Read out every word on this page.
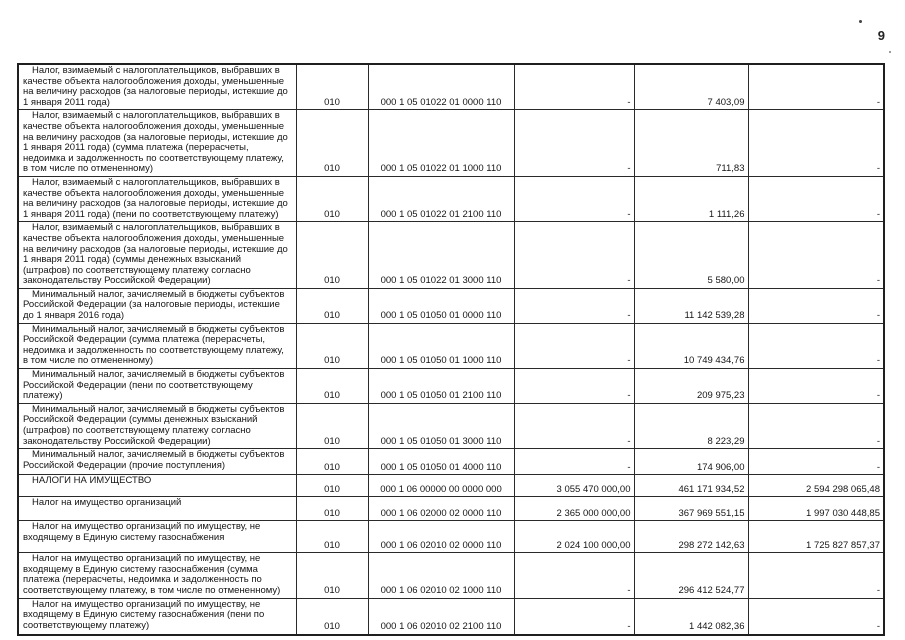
9
Налог, взимаемый с налогоплательщиков, выбравших в качестве объекта налогообложения доходы, уменьшенные на величину расходов (за налоговые периоды, истекшие до 1 января 2011 года)	010	000 1 05 01022 01 0000 110	-	7 403,09	-
Налог, взимаемый с налогоплательщиков, выбравших в качестве объекта налогообложения доходы, уменьшенные на величину расходов (за налоговые периоды, истекшие до 1 января 2011 года) (сумма платежа (перерасчеты, недоимка и задолженность по соответствующему платежу, в том числе по отмененному)	010	000 1 05 01022 01 1000 110	-	711,83	-
Налог, взимаемый с налогоплательщиков, выбравших в качестве объекта налогообложения доходы, уменьшенные на величину расходов (за налоговые периоды, истекшие до 1 января 2011 года) (пени по соответствующему платежу)	010	000 1 05 01022 01 2100 110	-	1 111,26	-
Налог, взимаемый с налогоплательщиков, выбравших в качестве объекта налогообложения доходы, уменьшенные на величину расходов (за налоговые периоды, истекшие до 1 января 2011 года) (суммы денежных взысканий (штрафов) по соответствующему платежу согласно законодательству Российской Федерации)	010	000 1 05 01022 01 3000 110	-	5 580,00	-
Минимальный налог, зачисляемый в бюджеты субъектов Российской Федерации (за налоговые периоды, истекшие до 1 января 2016 года)	010	000 1 05 01050 01 0000 110	-	11 142 539,28	-
Минимальный налог, зачисляемый в бюджеты субъектов Российской Федерации (сумма платежа (перерасчеты, недоимка и задолженность по соответствующему платежу, в том числе по отмененному)	010	000 1 05 01050 01 1000 110	-	10 749 434,76	-
Минимальный налог, зачисляемый в бюджеты субъектов Российской Федерации (пени по соответствующему платежу)	010	000 1 05 01050 01 2100 110	-	209 975,23	-
Минимальный налог, зачисляемый в бюджеты субъектов Российской Федерации (суммы денежных взысканий (штрафов) по соответствующему платежу согласно законодательству Российской Федерации)	010	000 1 05 01050 01 3000 110	-	8 223,29	-
Минимальный налог, зачисляемый в бюджеты субъектов Российской Федерации (прочие поступления)	010	000 1 05 01050 01 4000 110	-	174 906,00	-
НАЛОГИ НА ИМУЩЕСТВО	010	000 1 06 00000 00 0000 000	3 055 470 000,00	461 171 934,52	2 594 298 065,48
Налог на имущество организаций	010	000 1 06 02000 02 0000 110	2 365 000 000,00	367 969 551,15	1 997 030 448,85
Налог на имущество организаций по имуществу, не входящему в Единую систему газоснабжения	010	000 1 06 02010 02 0000 110	2 024 100 000,00	298 272 142,63	1 725 827 857,37
Налог на имущество организаций по имуществу, не входящему в Единую систему газоснабжения (сумма платежа (перерасчеты, недоимка и задолженность по соответствующему платежу, в том числе по отмененному)	010	000 1 06 02010 02 1000 110	-	296 412 524,77	-
Налог на имущество организаций по имуществу, не входящему в Единую систему газоснабжения (пени по соответствующему платежу)	010	000 1 06 02010 02 2100 110	-	1 442 082,36	-
